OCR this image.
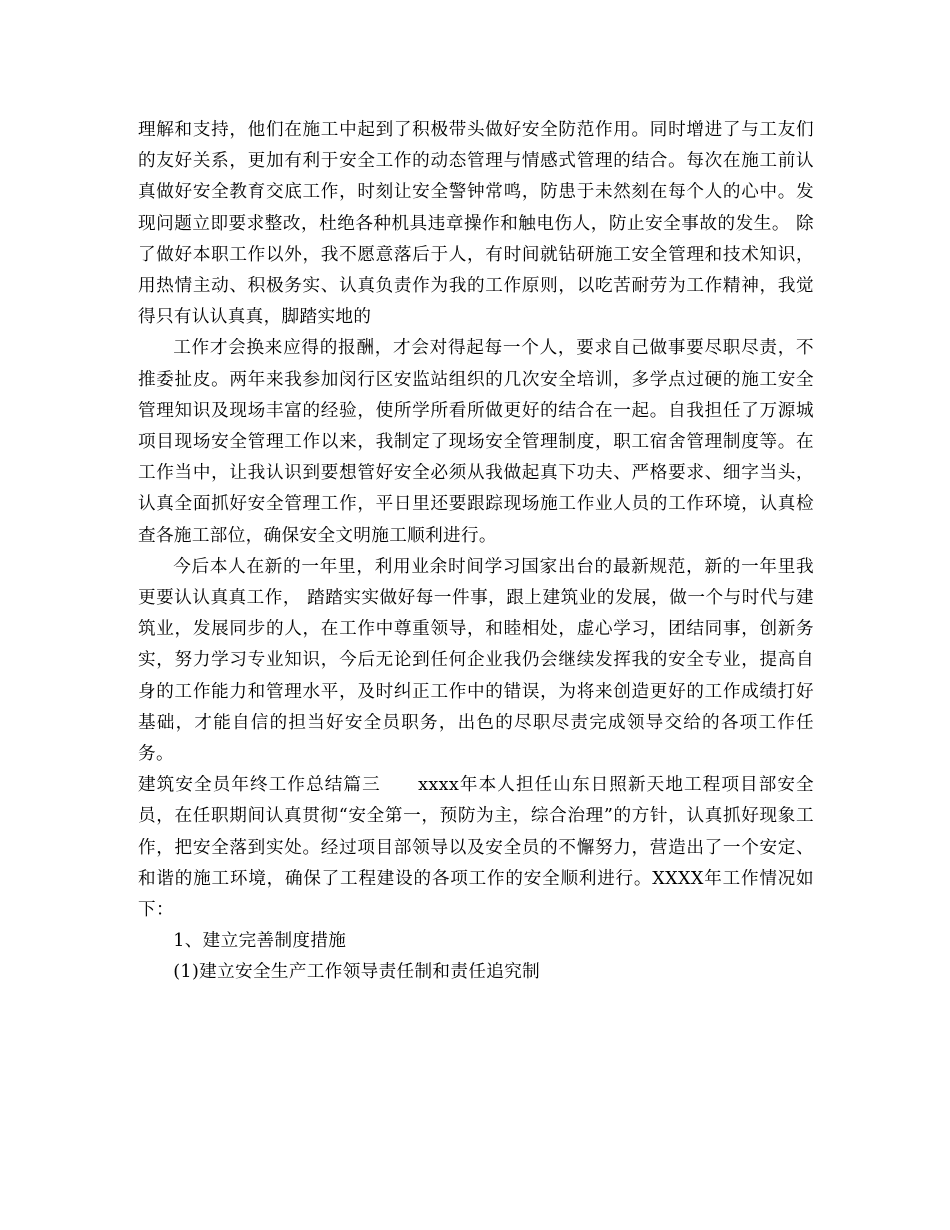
理解和支持，他们在施工中起到了积极带头做好安全防范作用。同时增进了与工友们的友好关系，更加有利于安全工作的动态管理与情感式管理的结合。每次在施工前认真做好安全教育交底工作，时刻让安全警钟常鸣，防患于未然刻在每个人的心中。发现问题立即要求整改，杜绝各种机具违章操作和触电伤人，防止安全事故的发生。 除了做好本职工作以外，我不愿意落后于人，有时间就钻研施工安全管理和技术知识，用热情主动、积极务实、认真负责作为我的工作原则，以吃苦耐劳为工作精神，我觉得只有认认真真，脚踏实地的

工作才会换来应得的报酬，才会对得起每一个人，要求自己做事要尽职尽责，不推委扯皮。两年来我参加闵行区安监站组织的几次安全培训，多学点过硬的施工安全管理知识及现场丰富的经验，使所学所看所做更好的结合在一起。自我担任了万源城项目现场安全管理工作以来，我制定了现场安全管理制度，职工宿舍管理制度等。在工作当中，让我认识到要想管好安全必须从我做起真下功夫、严格要求、细字当头，认真全面抓好安全管理工作，平日里还要跟踪现场施工作业人员的工作环境，认真检查各施工部位，确保安全文明施工顺利进行。

今后本人在新的一年里，利用业余时间学习国家出台的最新规范，新的一年里我更要认认真真工作， 踏踏实实做好每一件事，跟上建筑业的发展，做一个与时代与建筑业，发展同步的人，在工作中尊重领导，和睦相处，虚心学习，团结同事，创新务实，努力学习专业知识，今后无论到任何企业我仍会继续发挥我的安全专业，提高自身的工作能力和管理水平，及时纠正工作中的错误，为将来创造更好的工作成绩打好基础，才能自信的担当好安全员职务，出色的尽职尽责完成领导交给的各项工作任务。

建筑安全员年终工作总结篇三　　xxxx年本人担任山东日照新天地工程项目部安全员，在任职期间认真贯彻“安全第一，预防为主，综合治理”的方针，认真抓好现象工作，把安全落到实处。经过项目部领导以及安全员的不懈努力，营造出了一个安定、和谐的施工环境，确保了工程建设的各项工作的安全顺利进行。XXXX年工作情况如下：

1、建立完善制度措施

(1)建立安全生产工作领导责任制和责任追究制
